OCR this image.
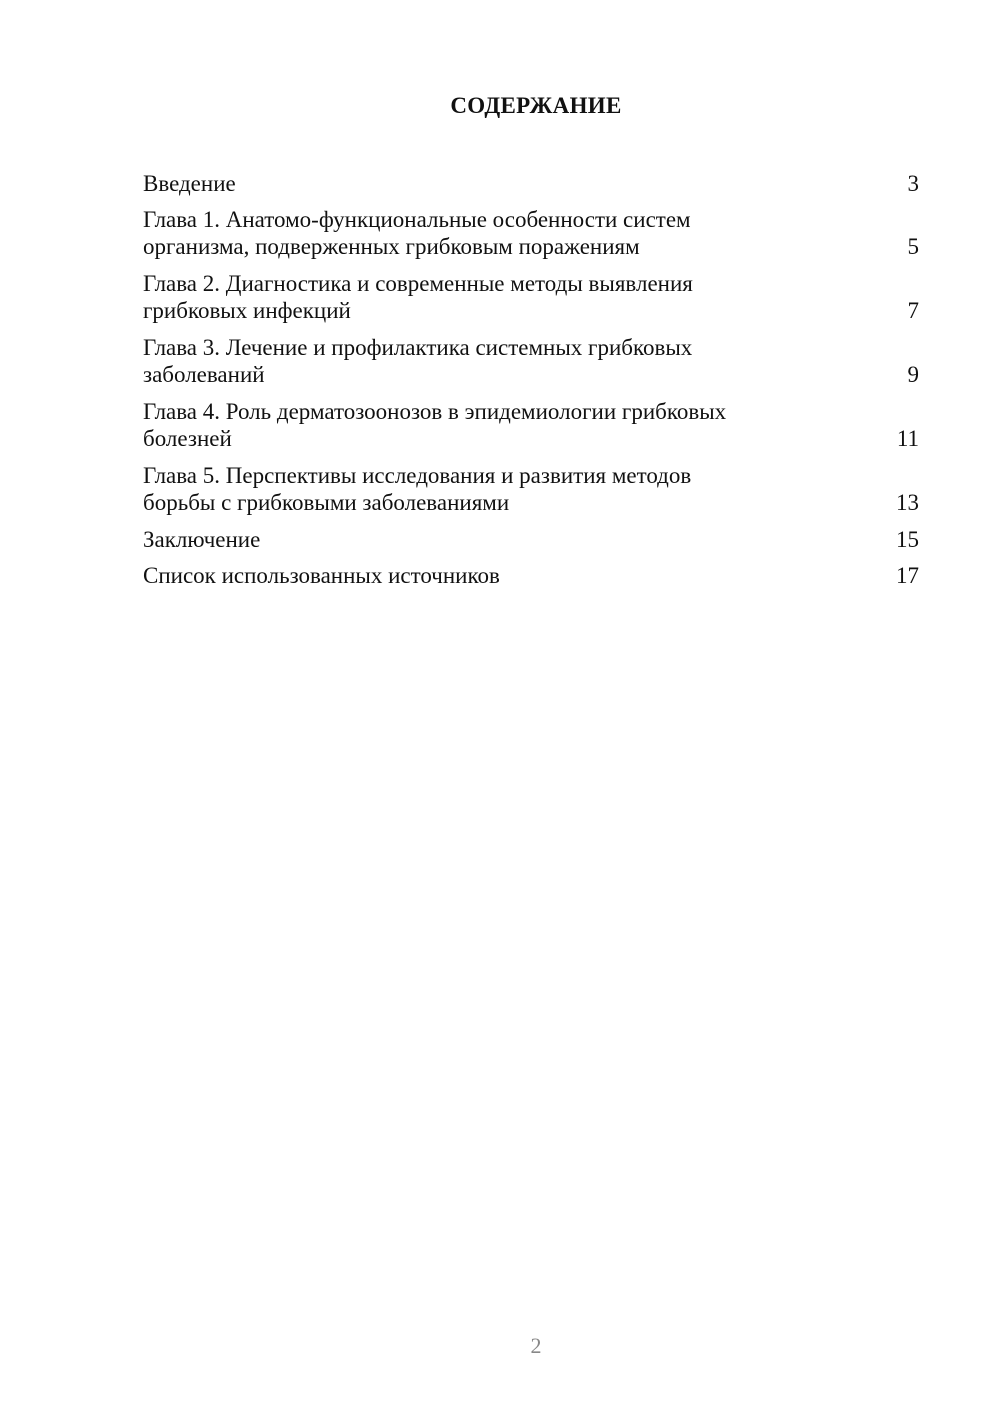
СОДЕРЖАНИЕ
Введение	3
Глава 1. Анатомо-функциональные особенности систем
организма, подверженных грибковым поражениям	5
Глава 2. Диагностика и современные методы выявления
грибковых инфекций	7
Глава 3. Лечение и профилактика системных грибковых
заболеваний	9
Глава 4. Роль дерматозоонозов в эпидемиологии грибковых
болезней	11
Глава 5. Перспективы исследования и развития методов
борьбы с грибковыми заболеваниями	13
Заключение	15
Список использованных источников	17
2
